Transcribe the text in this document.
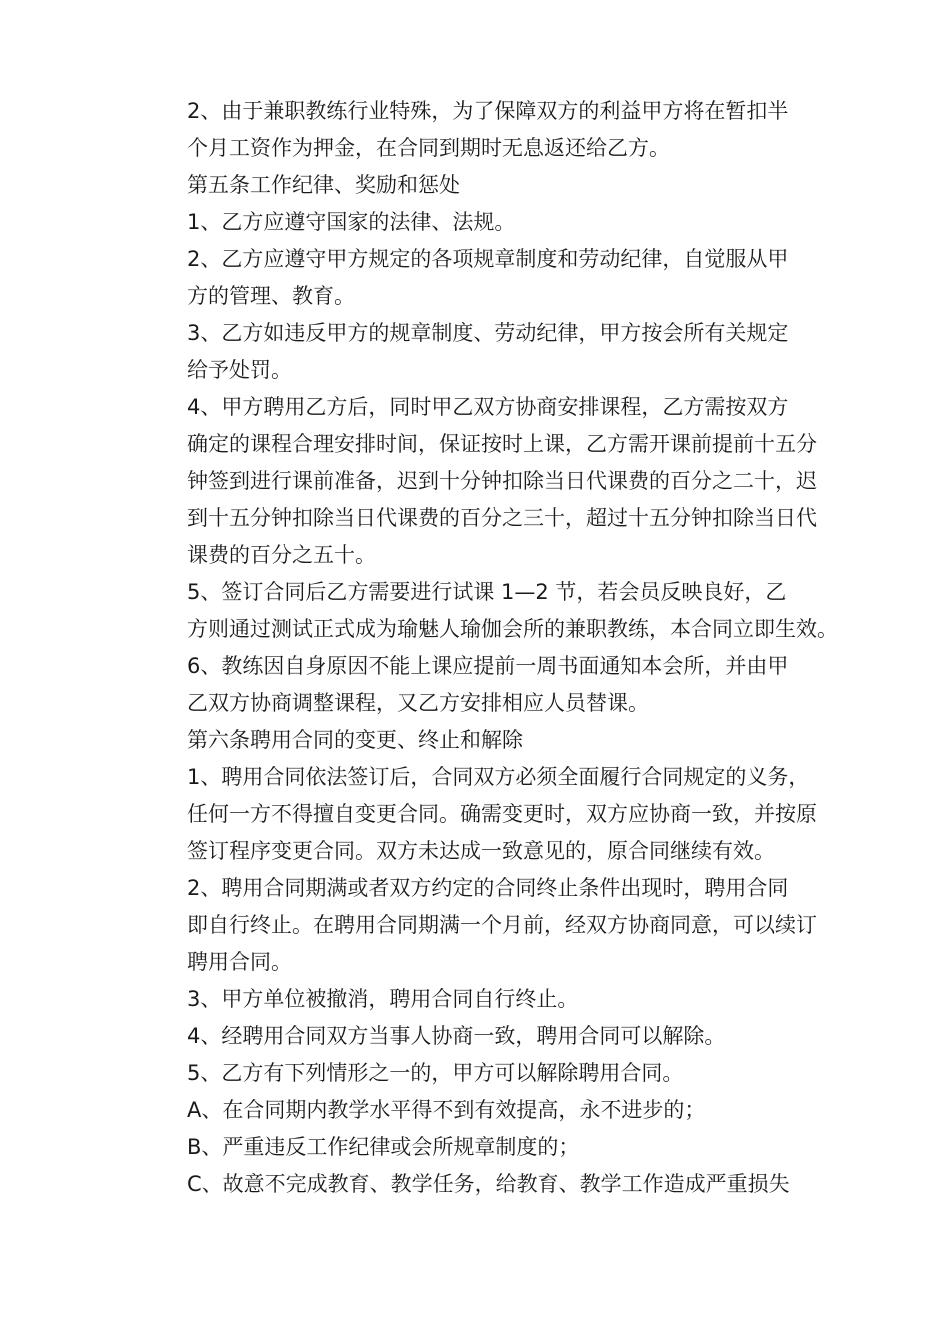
2、由于兼职教练行业特殊，为了保障双方的利益甲方将在暂扣半
个月工资作为押金，在合同到期时无息返还给乙方。

第五条工作纪律、奖励和惩处

1、乙方应遵守国家的法律、法规。

2、乙方应遵守甲方规定的各项规章制度和劳动纪律，自觉服从甲
方的管理、教育。

3、乙方如违反甲方的规章制度、劳动纪律，甲方按会所有关规定
给予处罚。

4、甲方聘用乙方后，同时甲乙双方协商安排课程，乙方需按双方
确定的课程合理安排时间，保证按时上课，乙方需开课前提前十五分
钟签到进行课前准备，迟到十分钟扣除当日代课费的百分之二十，迟
到十五分钟扣除当日代课费的百分之三十，超过十五分钟扣除当日代
课费的百分之五十。

5、签订合同后乙方需要进行试课 1—2 节，若会员反映良好，乙
方则通过测试正式成为瑜魅人瑜伽会所的兼职教练，本合同立即生效。

6、教练因自身原因不能上课应提前一周书面通知本会所，并由甲
乙双方协商调整课程，又乙方安排相应人员替课。

第六条聘用合同的变更、终止和解除

1、聘用合同依法签订后，合同双方必须全面履行合同规定的义务，
任何一方不得擅自变更合同。确需变更时，双方应协商一致，并按原
签订程序变更合同。双方未达成一致意见的，原合同继续有效。

2、聘用合同期满或者双方约定的合同终止条件出现时，聘用合同
即自行终止。在聘用合同期满一个月前，经双方协商同意，可以续订
聘用合同。

3、甲方单位被撤消，聘用合同自行终止。

4、经聘用合同双方当事人协商一致，聘用合同可以解除。

5、乙方有下列情形之一的，甲方可以解除聘用合同。

A、在合同期内教学水平得不到有效提高，永不进步的；

B、严重违反工作纪律或会所规章制度的；

C、故意不完成教育、教学任务，给教育、教学工作造成严重损失
